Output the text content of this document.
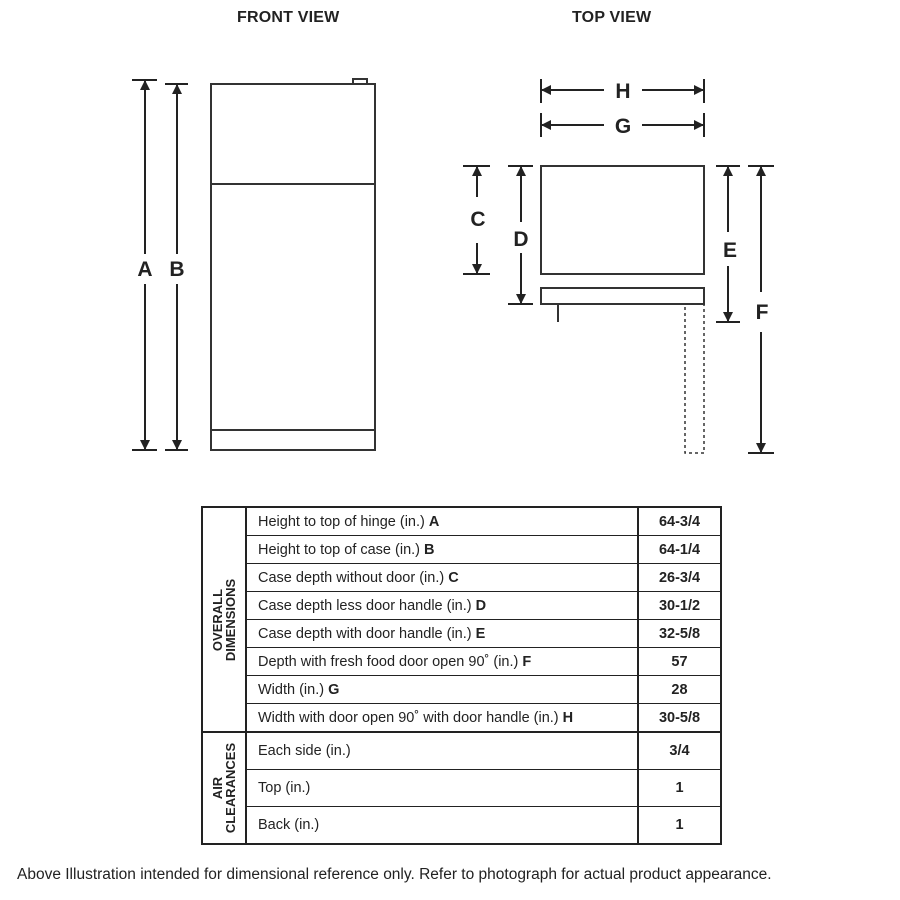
FRONT VIEW	TOP VIEW
A B
H
G
C
D	E
F
OVERALL
DIMENSIONS	Height to top of hinge (in.) A	64-3/4
	Height to top of case (in.) B	64-1/4
	Case depth without door (in.) C	26-3/4
	Case depth less door handle (in.) D	30-1/2
	Case depth with door handle (in.) E	32-5/8
	Depth with fresh food door open 90˚ (in.) F	57
	Width (in.) G	28
	Width with door open 90˚ with door handle (in.) H	30-5/8

AIR
CLEARANCES	Each side (in.)	3/4
	Top (in.)	1
	Back (in.)	1
Above Illustration intended for dimensional reference only. Refer to photograph for actual product appearance.
